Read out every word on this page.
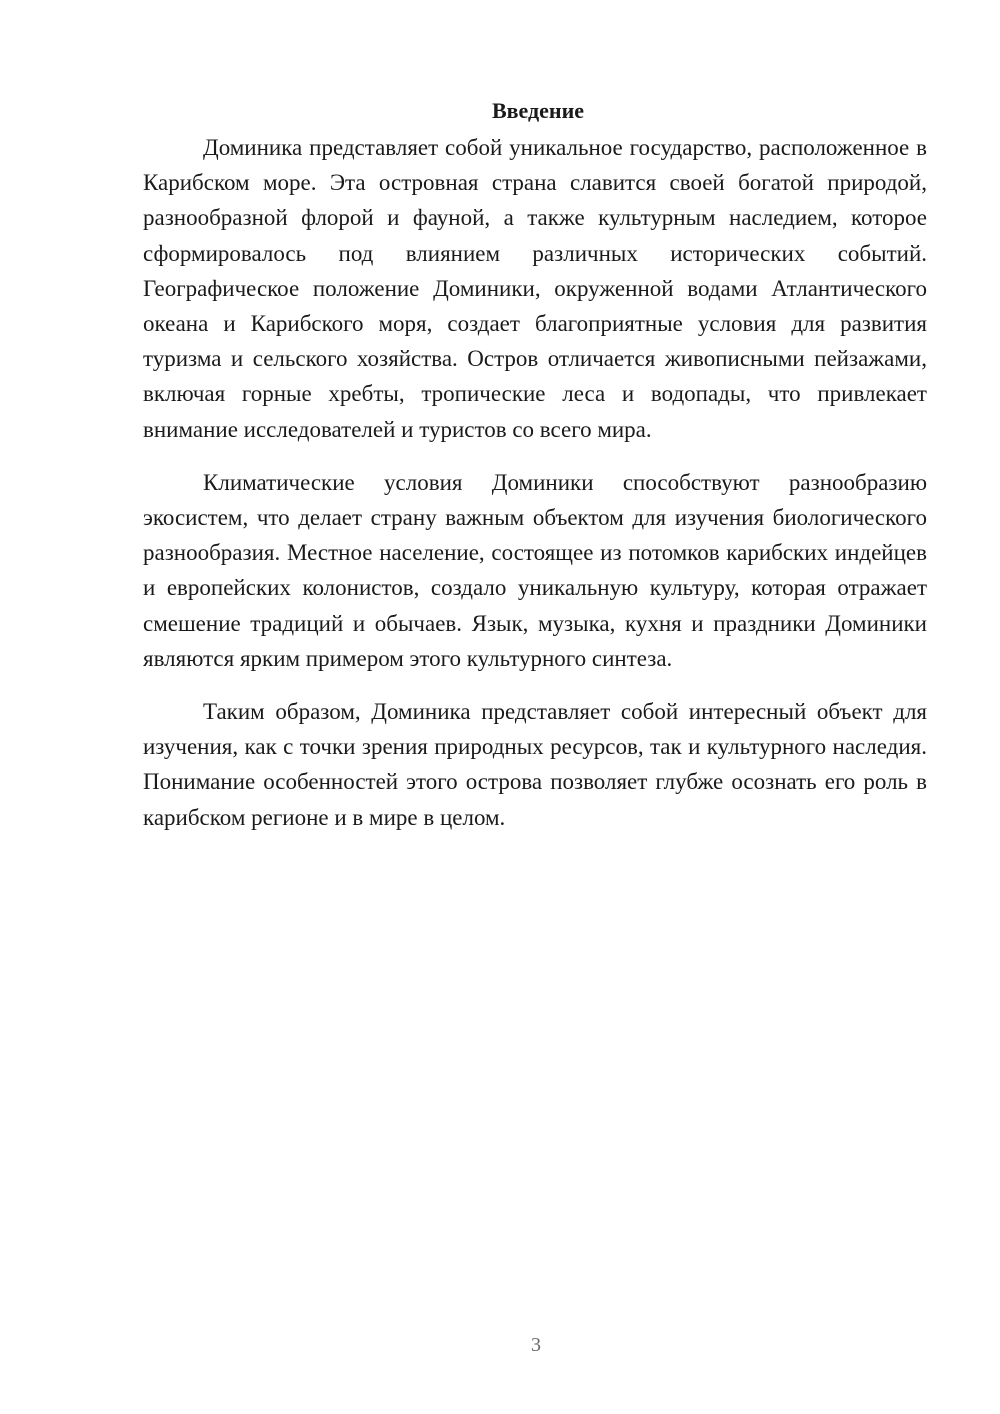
Введение

Доминика представляет собой уникальное государство, расположенное в Карибском море. Эта островная страна славится своей богатой природой, разнообразной флорой и фауной, а также культурным наследием, которое сформировалось под влиянием различных исторических событий. Географическое положение Доминики, окруженной водами Атлантического океана и Карибского моря, создает благоприятные условия для развития туризма и сельского хозяйства. Остров отличается живописными пейзажами, включая горные хребты, тропические леса и водопады, что привлекает внимание исследователей и туристов со всего мира.

Климатические условия Доминики способствуют разнообразию экосистем, что делает страну важным объектом для изучения биологического разнообразия. Местное население, состоящее из потомков карибских индейцев и европейских колонистов, создало уникальную культуру, которая отражает смешение традиций и обычаев. Язык, музыка, кухня и праздники Доминики являются ярким примером этого культурного синтеза.

Таким образом, Доминика представляет собой интересный объект для изучения, как с точки зрения природных ресурсов, так и культурного наследия. Понимание особенностей этого острова позволяет глубже осознать его роль в карибском регионе и в мире в целом.

3
